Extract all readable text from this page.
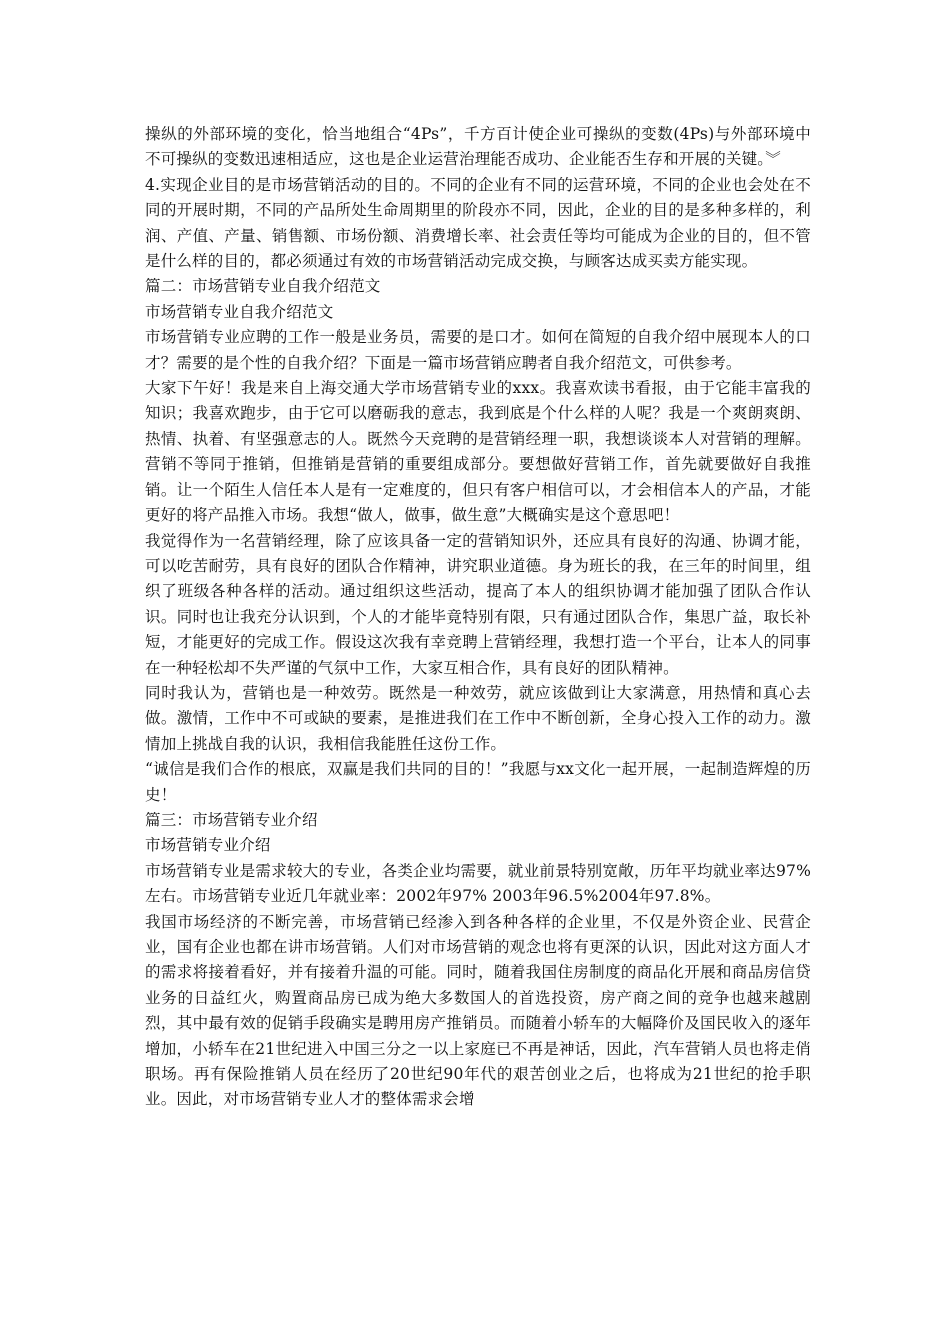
操纵的外部环境的变化，恰当地组合“4Ps”，千方百计使企业可操纵的变数(4Ps)与外部环境中不可操纵的变数迅速相适应，这也是企业运营治理能否成功、企业能否生存和开展的关键。︾

4.实现企业目的是市场营销活动的目的。不同的企业有不同的运营环境，不同的企业也会处在不同的开展时期，不同的产品所处生命周期里的阶段亦不同，因此，企业的目的是多种多样的，利润、产值、产量、销售额、市场份额、消费增长率、社会责任等均可能成为企业的目的，但不管是什么样的目的，都必须通过有效的市场营销活动完成交换，与顾客达成买卖方能实现。

篇二：市场营销专业自我介绍范文

市场营销专业自我介绍范文

市场营销专业应聘的工作一般是业务员，需要的是口才。如何在简短的自我介绍中展现本人的口才？需要的是个性的自我介绍？下面是一篇市场营销应聘者自我介绍范文，可供参考。

大家下午好！我是来自上海交通大学市场营销专业的xxx。我喜欢读书看报，由于它能丰富我的知识；我喜欢跑步，由于它可以磨砺我的意志，我到底是个什么样的人呢？我是一个爽朗爽朗、热情、执着、有坚强意志的人。既然今天竞聘的是营销经理一职，我想谈谈本人对营销的理解。营销不等同于推销，但推销是营销的重要组成部分。要想做好营销工作，首先就要做好自我推销。让一个陌生人信任本人是有一定难度的，但只有客户相信可以，才会相信本人的产品，才能更好的将产品推入市场。我想“做人，做事，做生意”大概确实是这个意思吧！

我觉得作为一名营销经理，除了应该具备一定的营销知识外，还应具有良好的沟通、协调才能，可以吃苦耐劳，具有良好的团队合作精神，讲究职业道德。身为班长的我，在三年的时间里，组织了班级各种各样的活动。通过组织这些活动，提高了本人的组织协调才能加强了团队合作认识。同时也让我充分认识到，个人的才能毕竟特别有限，只有通过团队合作，集思广益，取长补短，才能更好的完成工作。假设这次我有幸竞聘上营销经理，我想打造一个平台，让本人的同事在一种轻松却不失严谨的气氛中工作，大家互相合作，具有良好的团队精神。

同时我认为，营销也是一种效劳。既然是一种效劳，就应该做到让大家满意，用热情和真心去做。激情，工作中不可或缺的要素，是推进我们在工作中不断创新，全身心投入工作的动力。激情加上挑战自我的认识，我相信我能胜任这份工作。

“诚信是我们合作的根底，双赢是我们共同的目的！”我愿与xx文化一起开展，一起制造辉煌的历史！

篇三：市场营销专业介绍

市场营销专业介绍

市场营销专业是需求较大的专业，各类企业均需要，就业前景特别宽敞，历年平均就业率达97%左右。市场营销专业近几年就业率：2002年97% 2003年96.5%2004年97.8%。

我国市场经济的不断完善，市场营销已经渗入到各种各样的企业里，不仅是外资企业、民营企业，国有企业也都在讲市场营销。人们对市场营销的观念也将有更深的认识，因此对这方面人才的需求将接着看好，并有接着升温的可能。同时，随着我国住房制度的商品化开展和商品房信贷业务的日益红火，购置商品房已成为绝大多数国人的首选投资，房产商之间的竞争也越来越剧烈，其中最有效的促销手段确实是聘用房产推销员。而随着小轿车的大幅降价及国民收入的逐年增加，小轿车在21世纪进入中国三分之一以上家庭已不再是神话，因此，汽车营销人员也将走俏职场。再有保险推销人员在经历了20世纪90年代的艰苦创业之后，也将成为21世纪的抢手职业。因此，对市场营销专业人才的整体需求会增
